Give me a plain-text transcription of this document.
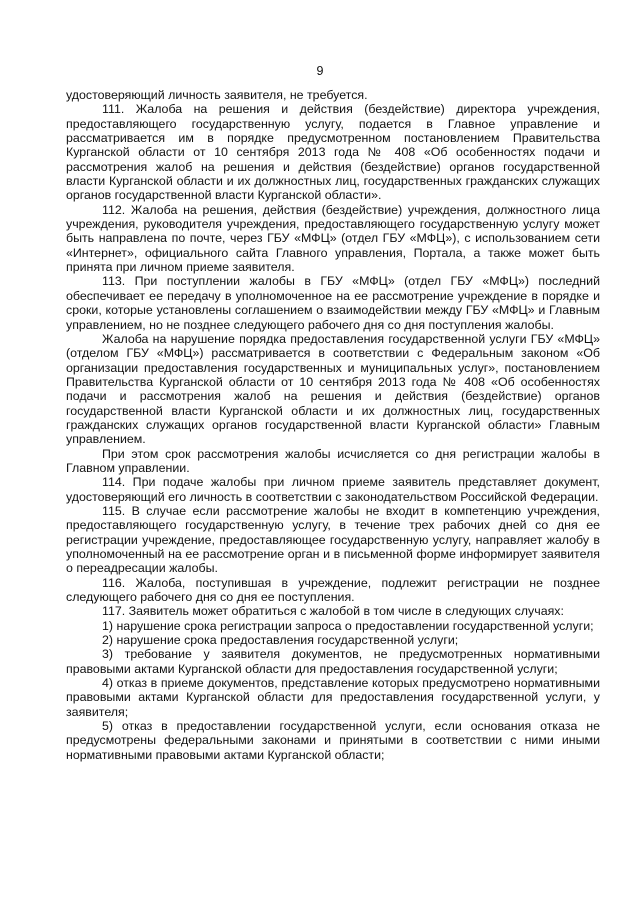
9

удостоверяющий личность заявителя, не требуется.

111. Жалоба на решения и действия (бездействие) директора учреждения, предоставляющего государственную услугу, подается в Главное управление и рассматривается им в порядке предусмотренном постановлением Правительства Курганской области от 10 сентября 2013 года № 408 «Об особенностях подачи и рассмотрения жалоб на решения и действия (бездействие) органов государственной власти Курганской области и их должностных лиц, государственных гражданских служащих органов государственной власти Курганской области».

112. Жалоба на решения, действия (бездействие) учреждения, должностного лица учреждения, руководителя учреждения, предоставляющего государственную услугу может быть направлена по почте, через ГБУ «МФЦ» (отдел ГБУ «МФЦ»), с использованием сети «Интернет», официального сайта Главного управления, Портала, а также может быть принята при личном приеме заявителя.

113. При поступлении жалобы в ГБУ «МФЦ» (отдел ГБУ «МФЦ») последний обеспечивает ее передачу в уполномоченное на ее рассмотрение учреждение в порядке и сроки, которые установлены соглашением о взаимодействии между ГБУ «МФЦ» и Главным управлением, но не позднее следующего рабочего дня со дня поступления жалобы.

Жалоба на нарушение порядка предоставления государственной услуги ГБУ «МФЦ» (отделом ГБУ «МФЦ») рассматривается в соответствии с Федеральным законом «Об организации предоставления государственных и муниципальных услуг», постановлением Правительства Курганской области от 10 сентября 2013 года № 408 «Об особенностях подачи и рассмотрения жалоб на решения и действия (бездействие) органов государственной власти Курганской области и их должностных лиц, государственных гражданских служащих органов государственной власти Курганской области» Главным управлением.

При этом срок рассмотрения жалобы исчисляется со дня регистрации жалобы в Главном управлении.

114. При подаче жалобы при личном приеме заявитель представляет документ, удостоверяющий его личность в соответствии с законодательством Российской Федерации.

115. В случае если рассмотрение жалобы не входит в компетенцию учреждения, предоставляющего государственную услугу, в течение трех рабочих дней со дня ее регистрации учреждение, предоставляющее государственную услугу, направляет жалобу в уполномоченный на ее рассмотрение орган и в письменной форме информирует заявителя о переадресации жалобы.

116. Жалоба, поступившая в учреждение, подлежит регистрации не позднее следующего рабочего дня со дня ее поступления.

117. Заявитель может обратиться с жалобой в том числе в следующих случаях:

1) нарушение срока регистрации запроса о предоставлении государственной услуги;

2) нарушение срока предоставления государственной услуги;

3) требование у заявителя документов, не предусмотренных нормативными правовыми актами Курганской области для предоставления государственной услуги;

4) отказ в приеме документов, представление которых предусмотрено нормативными правовыми актами Курганской области для предоставления государственной услуги, у заявителя;

5) отказ в предоставлении государственной услуги, если основания отказа не предусмотрены федеральными законами и принятыми в соответствии с ними иными нормативными правовыми актами Курганской области;
